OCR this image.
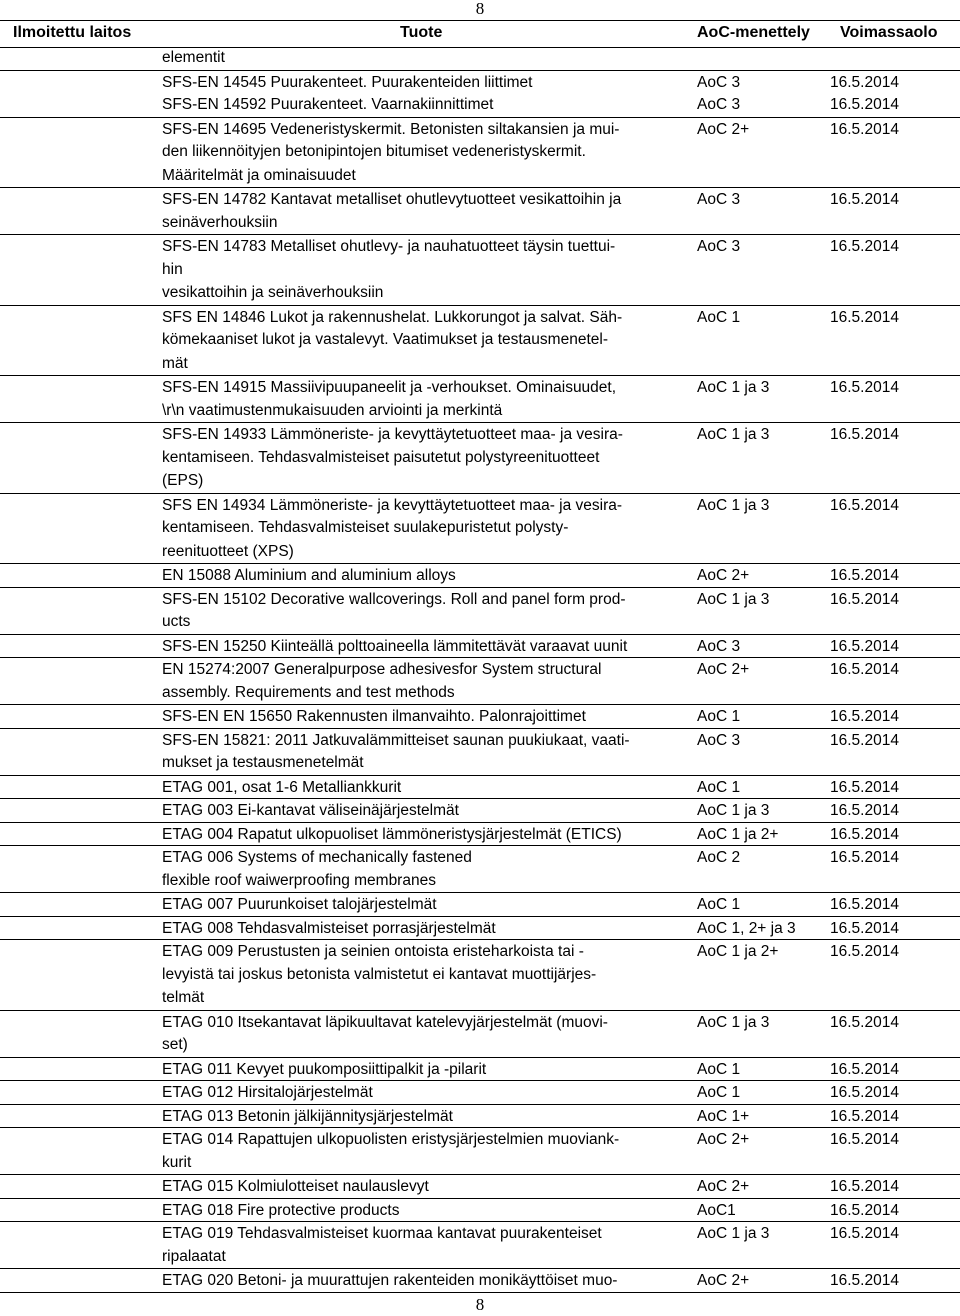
8
Ilmoitettu laitos	Tuote	AoC-menettely Voimassaolo
elementit
SFS-EN 14545 Puurakenteet. Puurakenteiden liittimet	AoC 3	16.5.2014
SFS-EN 14592 Puurakenteet. Vaarnakiinnittimet	AoC 3	16.5.2014
SFS-EN 14695 Vedeneristyskermit. Betonisten siltakansien ja mui-	AoC 2+	16.5.2014
den liikennöityjen betonipintojen bitumiset vedeneristyskermit.
Määritelmät ja ominaisuudet
SFS-EN 14782 Kantavat metalliset ohutlevytuotteet vesikattoihin ja	AoC 3	16.5.2014
seinäverhouksiin
SFS-EN 14783 Metalliset ohutlevy- ja nauhatuotteet täysin tuettui-	AoC 3	16.5.2014
hin
vesikattoihin ja seinäverhouksiin
SFS EN 14846 Lukot ja rakennushelat. Lukkorungot ja salvat. Säh-	AoC 1	16.5.2014
kömekaaniset lukot ja vastalevyt. Vaatimukset ja testausmenetel-
mät
SFS-EN 14915 Massiivipuupaneelit ja -verhoukset. Ominaisuudet,	AoC 1 ja 3	16.5.2014
\r\n vaatimustenmukaisuuden arviointi ja merkintä
SFS-EN 14933 Lämmöneriste- ja kevyttäytetuotteet maa- ja vesira-	AoC 1 ja 3	16.5.2014
kentamiseen. Tehdasvalmisteiset paisutetut polystyreenituotteet
(EPS)
SFS EN 14934 Lämmöneriste- ja kevyttäytetuotteet maa- ja vesira-	AoC 1 ja 3	16.5.2014
kentamiseen. Tehdasvalmisteiset suulakepuristetut polysty-
reenituotteet (XPS)
EN 15088 Aluminium and aluminium alloys	AoC 2+	16.5.2014
SFS-EN 15102 Decorative wallcoverings. Roll and panel form prod-	AoC 1 ja 3	16.5.2014
ucts
SFS-EN 15250 Kiinteällä polttoaineella lämmitettävät varaavat uunit	AoC 3	16.5.2014
EN 15274:2007 Generalpurpose adhesivesfor System structural	AoC 2+	16.5.2014
assembly. Requirements and test methods
SFS-EN EN 15650 Rakennusten ilmanvaihto. Palonrajoittimet	AoC 1	16.5.2014
SFS-EN 15821: 2011 Jatkuvalämmitteiset saunan puukiukaat, vaati-	AoC 3	16.5.2014
mukset ja testausmenetelmät
ETAG 001, osat 1-6 Metalliankkurit	AoC 1	16.5.2014
ETAG 003 Ei-kantavat väliseinäjärjestelmät	AoC 1 ja 3	16.5.2014
ETAG 004 Rapatut ulkopuoliset lämmöneristysjärjestelmät (ETICS)	AoC 1 ja 2+	16.5.2014
ETAG 006 Systems of mechanically fastened	AoC 2	16.5.2014
flexible roof waiwerproofing membranes
ETAG 007 Puurunkoiset talojärjestelmät	AoC 1	16.5.2014
ETAG 008 Tehdasvalmisteiset porrasjärjestelmät	AoC 1, 2+ ja 3 16.5.2014
ETAG 009 Perustusten ja seinien ontoista eristeharkoista tai -	AoC 1 ja 2+	16.5.2014
levyistä tai joskus betonista valmistetut ei kantavat muottijärjes-
telmät
ETAG 010 Itsekantavat läpikuultavat katelevyjärjestelmät (muovi-	AoC 1 ja 3	16.5.2014
set)
ETAG 011 Kevyet puukomposiittipalkit ja -pilarit	AoC 1	16.5.2014
ETAG 012 Hirsitalojärjestelmät	AoC 1	16.5.2014
ETAG 013 Betonin jälkijännitysjärjestelmät	AoC 1+	16.5.2014
ETAG 014 Rapattujen ulkopuolisten eristysjärjestelmien muoviank-	AoC 2+	16.5.2014
kurit
ETAG 015 Kolmiulotteiset naulauslevyt	AoC 2+	16.5.2014
ETAG 018 Fire protective products	AoC1	16.5.2014
ETAG 019 Tehdasvalmisteiset kuormaa kantavat puurakenteiset	AoC 1 ja 3	16.5.2014
ripalaatat
ETAG 020 Betoni- ja muurattujen rakenteiden monikäyttöiset muo-	AoC 2+	16.5.2014
8
